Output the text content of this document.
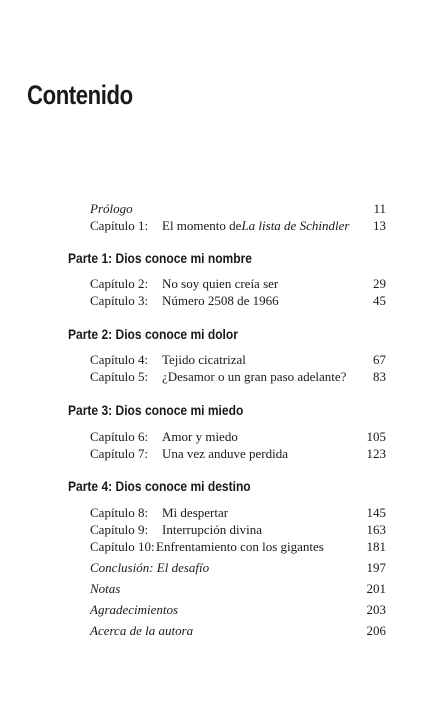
Contenido
Prólogo	11
Capítulo 1:	El momento de La lista de Schindler 13
Parte 1: Dios conoce mi nombre
Capítulo 2:	No soy quien creía ser	29
Capítulo 3:	Número 2508 de 1966	45
Parte 2: Dios conoce mi dolor
Capítulo 4:	Tejido cicatrizal	67
Capítulo 5:	¿Desamor o un gran paso adelante? 83
Parte 3: Dios conoce mi miedo
Capítulo 6:	Amor y miedo	105
Capítulo 7:	Una vez anduve perdida	123
Parte 4: Dios conoce mi destino
Capítulo 8:	Mi despertar	145
Capítulo 9:	Interrupción divina	163
Capítulo 10: Enfrentamiento con los gigantes	181
Conclusión: El desafío	197
Notas	201
Agradecimientos	203
Acerca de la autora	206
